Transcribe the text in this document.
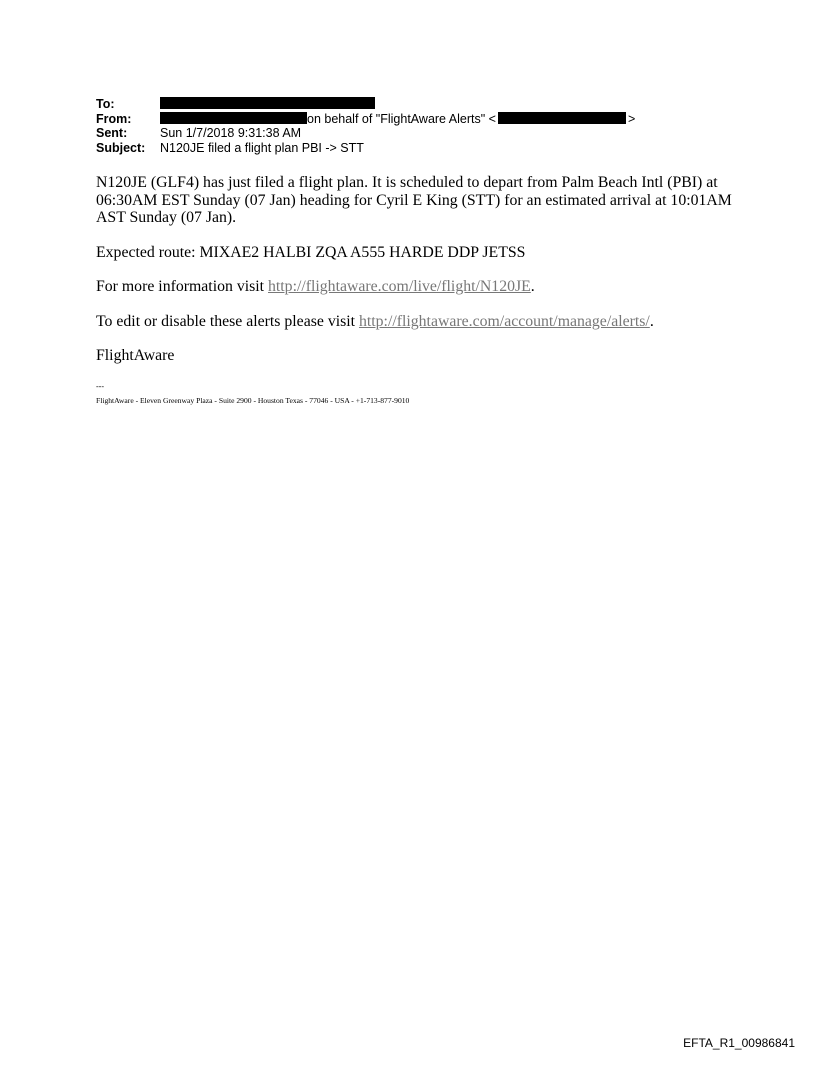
To:
From:	on behalf of "FlightAware Alerts" <	>
Sent:	Sun 1/7/2018 9:31:38 AM
Subject: N120JE filed a flight plan PBI -> STT

N120JE (GLF4) has just filed a flight plan. It is scheduled to depart from Palm Beach Intl (PBI) at 06:30AM EST Sunday (07 Jan) heading for Cyril E King (STT) for an estimated arrival at 10:01AM AST Sunday (07 Jan).

Expected route: MIXAE2 HALBI ZQA A555 HARDE DDP JETSS

For more information visit http://flightaware.com/live/flight/N120JE.

To edit or disable these alerts please visit http://flightaware.com/account/manage/alerts/.

FlightAware

---
FlightAware - Eleven Greenway Plaza - Suite 2900 - Houston Texas - 77046 - USA - +1-713-877-9010
EFTA_R1_00986841
